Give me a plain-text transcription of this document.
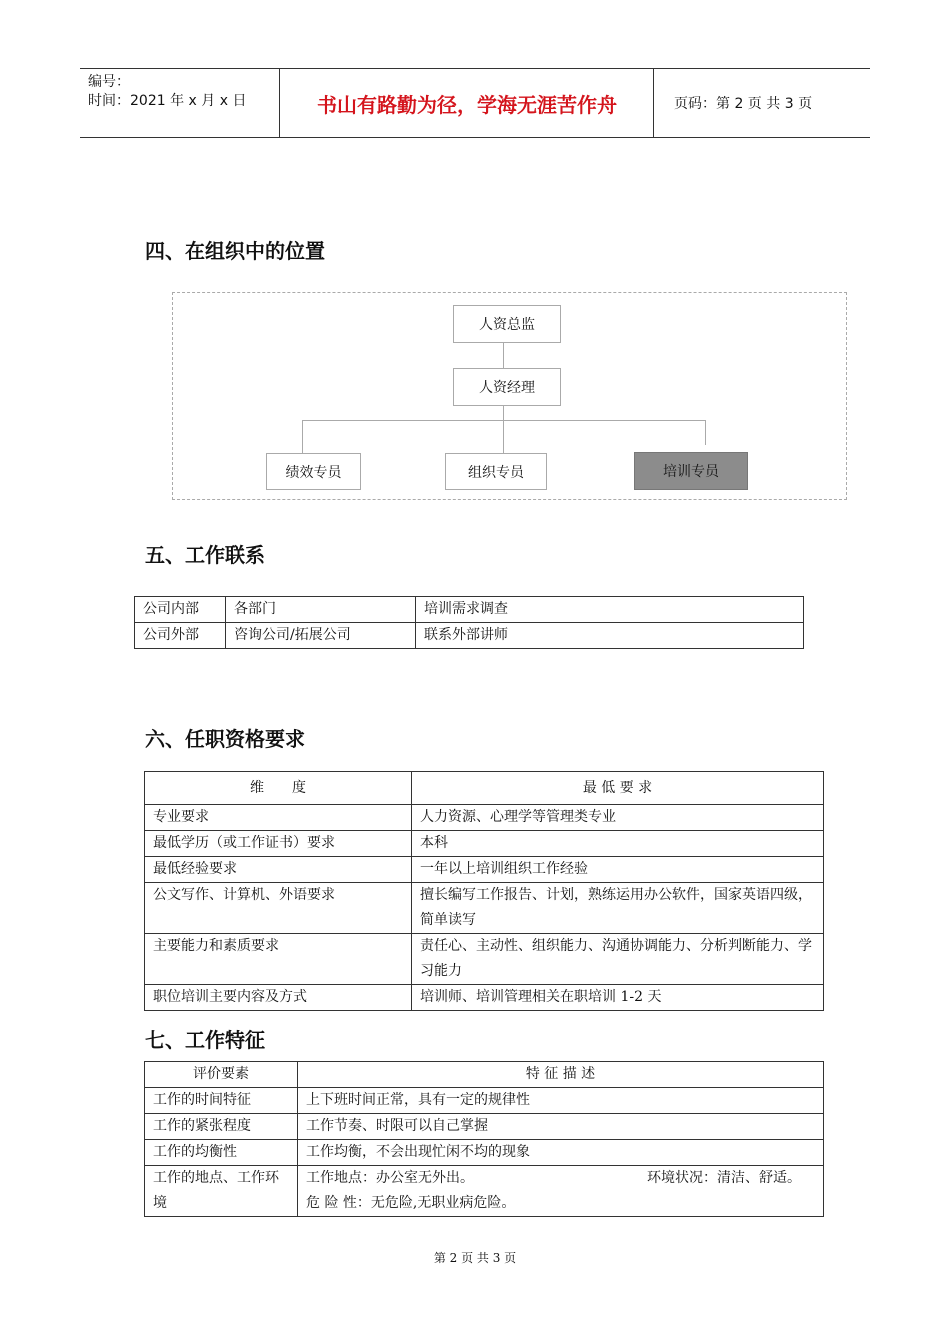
编号：
时间：2021 年 x 月 x 日	书山有路勤为径，学海无涯苦作舟	页码：第 2 页 共 3 页
四、在组织中的位置
人资总监
人资经理
绩效专员	组织专员	培训专员
五、工作联系
公司内部	各部门	培训需求调查
公司外部	咨询公司/拓展公司	联系外部讲师
六、任职资格要求
维　　度	最 低 要 求
专业要求	人力资源、心理学等管理类专业
最低学历（或工作证书）要求	本科
最低经验要求	一年以上培训组织工作经验
公文写作、计算机、外语要求	擅长编写工作报告、计划，熟练运用办公软件，国家英语四级，简单读写
主要能力和素质要求	责任心、主动性、组织能力、沟通协调能力、分析判断能力、学习能力
职位培训主要内容及方式	培训师、培训管理相关在职培训 1-2 天
七、工作特征
评价要素	特 征 描 述
工作的时间特征	上下班时间正常，具有一定的规律性
工作的紧张程度	工作节奏、时限可以自己掌握
工作的均衡性	工作均衡，不会出现忙闲不均的现象
工作的地点、工作环境	工作地点：办公室无外出。 环境状况：清洁、舒适。
危 险 性：无危险,无职业病危险。
第 2 页 共 3 页
